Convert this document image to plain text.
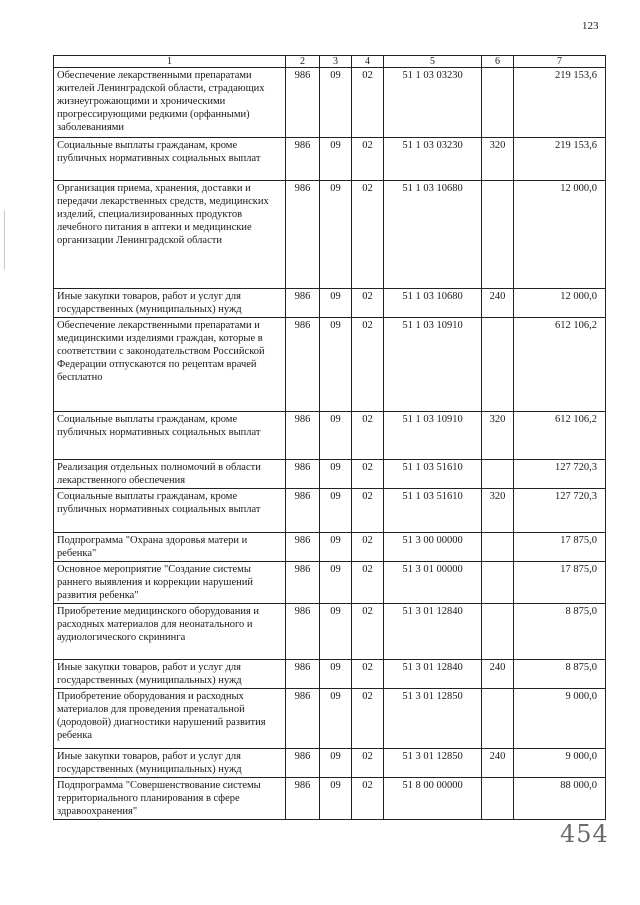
123
1	2	3	4	5	6	7
Обеспечение лекарственными препаратами жителей Ленинградской области, страдающих жизнеугрожающими и хроническими прогрессирующими редкими (орфанными) заболеваниями	986	09	02	51 1 03 03230		219 153,6
Социальные выплаты гражданам, кроме публичных нормативных социальных выплат	986	09	02	51 1 03 03230	320	219 153,6
Организация приема, хранения, доставки и передачи лекарственных средств, медицинских изделий, специализированных продуктов лечебного питания в аптеки и медицинские организации Ленинградской области	986	09	02	51 1 03 10680		12 000,0
Иные закупки товаров, работ и услуг для государственных (муниципальных) нужд	986	09	02	51 1 03 10680	240	12 000,0
Обеспечение лекарственными препаратами и медицинскими изделиями граждан, которые в соответствии с законодательством Российской Федерации отпускаются по рецептам врачей бесплатно	986	09	02	51 1 03 10910		612 106,2
Социальные выплаты гражданам, кроме публичных нормативных социальных выплат	986	09	02	51 1 03 10910	320	612 106,2
Реализация отдельных полномочий в области лекарственного обеспечения	986	09	02	51 1 03 51610		127 720,3
Социальные выплаты гражданам, кроме публичных нормативных социальных выплат	986	09	02	51 1 03 51610	320	127 720,3
Подпрограмма "Охрана здоровья матери и ребенка"	986	09	02	51 3 00 00000		17 875,0
Основное мероприятие "Создание системы раннего выявления и коррекции нарушений развития ребенка"	986	09	02	51 3 01 00000		17 875,0
Приобретение медицинского оборудования и расходных материалов для неонатального и аудиологического скрининга	986	09	02	51 3 01 12840		8 875,0
Иные закупки товаров, работ и услуг для государственных (муниципальных) нужд	986	09	02	51 3 01 12840	240	8 875,0
Приобретение оборудования и расходных материалов для проведения пренатальной (дородовой) диагностики нарушений развития ребенка	986	09	02	51 3 01 12850		9 000,0
Иные закупки товаров, работ и услуг для государственных (муниципальных) нужд	986	09	02	51 3 01 12850	240	9 000,0
Подпрограмма "Совершенствование системы территориального планирования в сфере здравоохранения"	986	09	02	51 8 00 00000		88 000,0
454
